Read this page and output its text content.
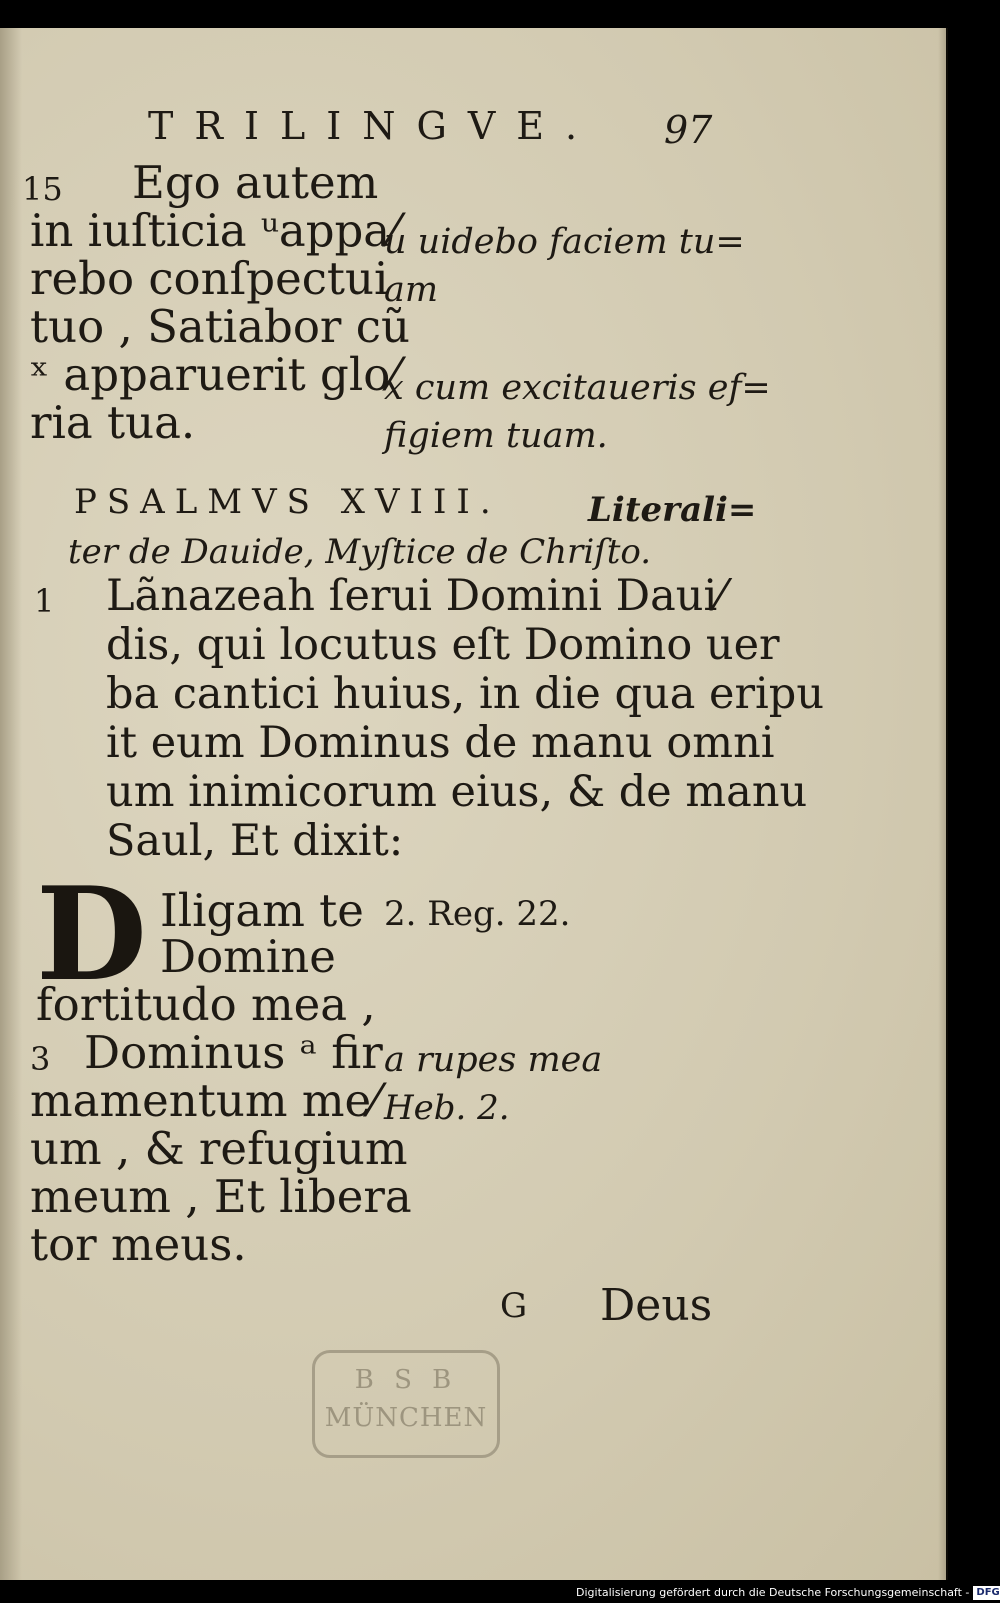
TRILINGVE. 97
15 Ego autem
in iuſticia ᵘappa⁄
rebo conſpectui
tuo , Satiabor cũ
ˣ apparuerit glo⁄
ria tua.
u uidebo faciem tu=
am
x cum excitaueris ef=
figiem tuam.
PSALMVS XVIII.	Literali=
ter de Dauide, Myſtice de Chriſto.
1 Lãnazeah ſerui Domini Daui⁄
dis, qui locutus eſt Domino uer
ba cantici huius, in die qua eripu
it eum Dominus de manu omni
um inimicorum eius, & de manu
Saul, Et dixit:
D Iligam te
Domine
fortitudo mea ,
3 Dominus ᵃ fir
mamentum me⁄
um , & refugium
meum , Et libera
tor meus.
2. Reg. 22.
a rupes mea
Heb. 2.
G Deus
B S B
MÜNCHEN
Digitalisierung gefördert durch die Deutsche Forschungsgemeinschaft - DFG
